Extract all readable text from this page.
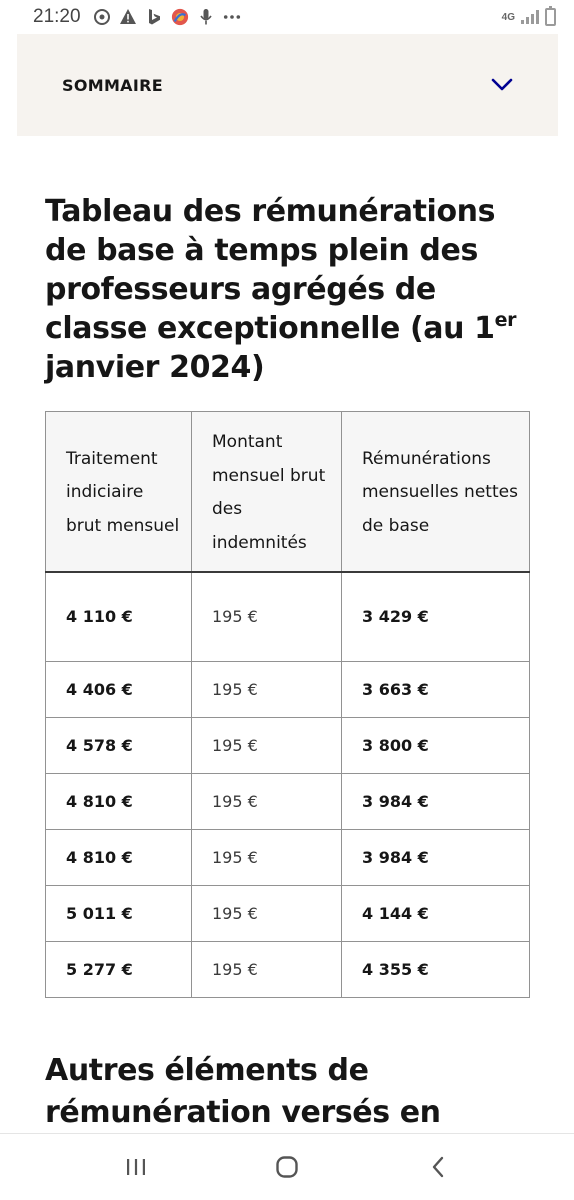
21:20	4G
SOMMAIRE
Tableau des rémunérations de base à temps plein des professeurs agrégés de classe exceptionnelle (au 1er janvier 2024)
Traitement indiciaire brut mensuel	Montant mensuel brut des indemnités	Rémunérations mensuelles nettes de base
4 110 €	195 €	3 429 €
4 406 €	195 €	3 663 €
4 578 €	195 €	3 800 €
4 810 €	195 €	3 984 €
4 810 €	195 €	3 984 €
5 011 €	195 €	4 144 €
5 277 €	195 €	4 355 €
Autres éléments de rémunération versés en
